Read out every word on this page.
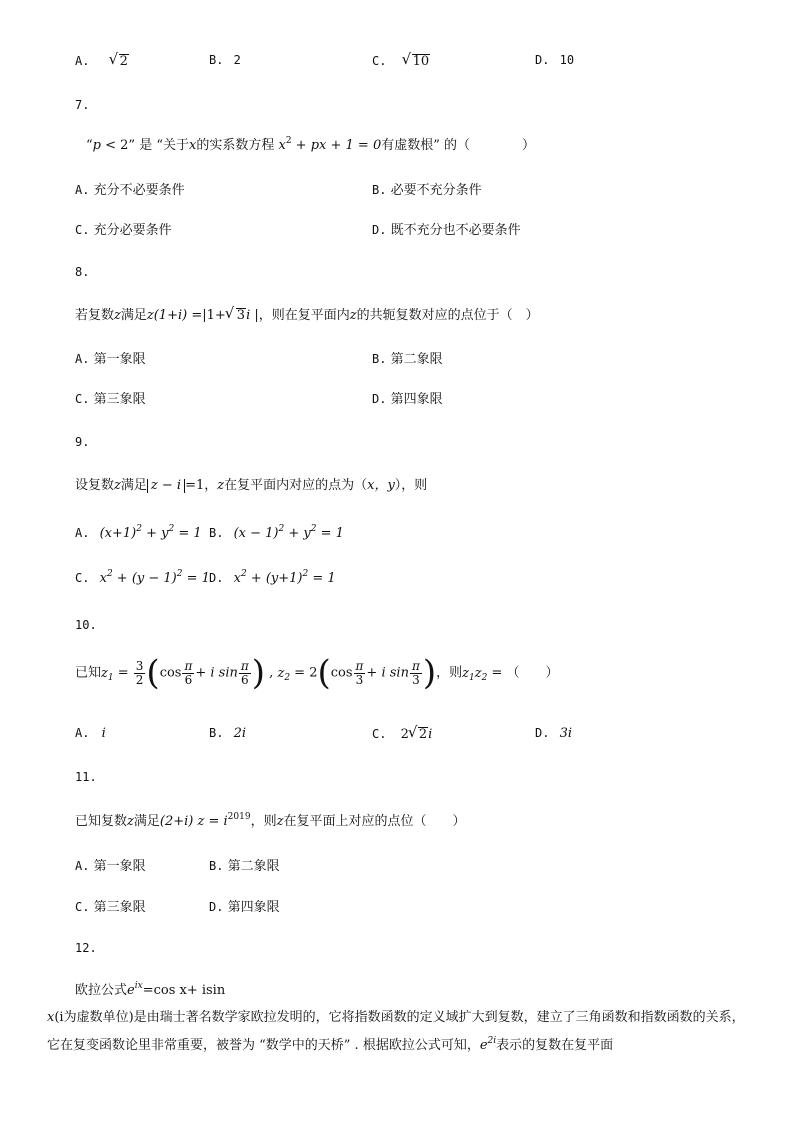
A. √ 2	B. 2	C. √ 10	D. 10
7.
“p < 2” 是 “关于x的实系数方程 $x^2$ + px + 1 = 0有虚数根” 的（　　　　）
A. 充分不必要条件	B. 必要不充分条件
C. 充分必要条件	D. 既不充分也不必要条件
8.
若复数z满足z(1+i) =|1+ √ 3i |，则在复平面内z的共轭复数对应的点位于（　）
A. 第一象限	B. 第二象限
C. 第三象限	D. 第四象限
9.
设复数z满足 z − i =1，z在复平面内对应的点为（x，y），则
A. $(x+1)^2 + y^2 = 1$ B. $(x - 1)^2 + y^2 = 1$
C. $x^2 + (y - 1)^2 = 1$ D. $x^2 + (y+1)^2 = 1$
10.
已知$z_1 = \frac{3}{2} (\cos \frac{\pi}{6} + i$ $\sin \frac{\pi}{6}$ ) , $z_2 = 2(\cos \frac{\pi}{3} + i$ $\sin \frac{\pi}{3}$ )，则$z_1z_2$ = （　　）
A. i	B. 2i	C. 2 √ 2i	D. 3i
11.
已知复数z满足(2+i) $z = i^{2019}$，则z在复平面上对应的点位（　　）
A. 第一象限	B. 第二象限
C. 第三象限	D. 第四象限
12.
欧拉公式$e^{ix}=\cos$ x+ isin
x(i为虚数单位)是由瑞士著名数学家欧拉发明的，它将指数函数的定义域扩大到复数，建立了三角函数和指数函数的关系，它在复变函数论里非常重要，被誉为 “数学中的天桥” . 根据欧拉公式可知，$e^{2i}$表示的复数在复平面
